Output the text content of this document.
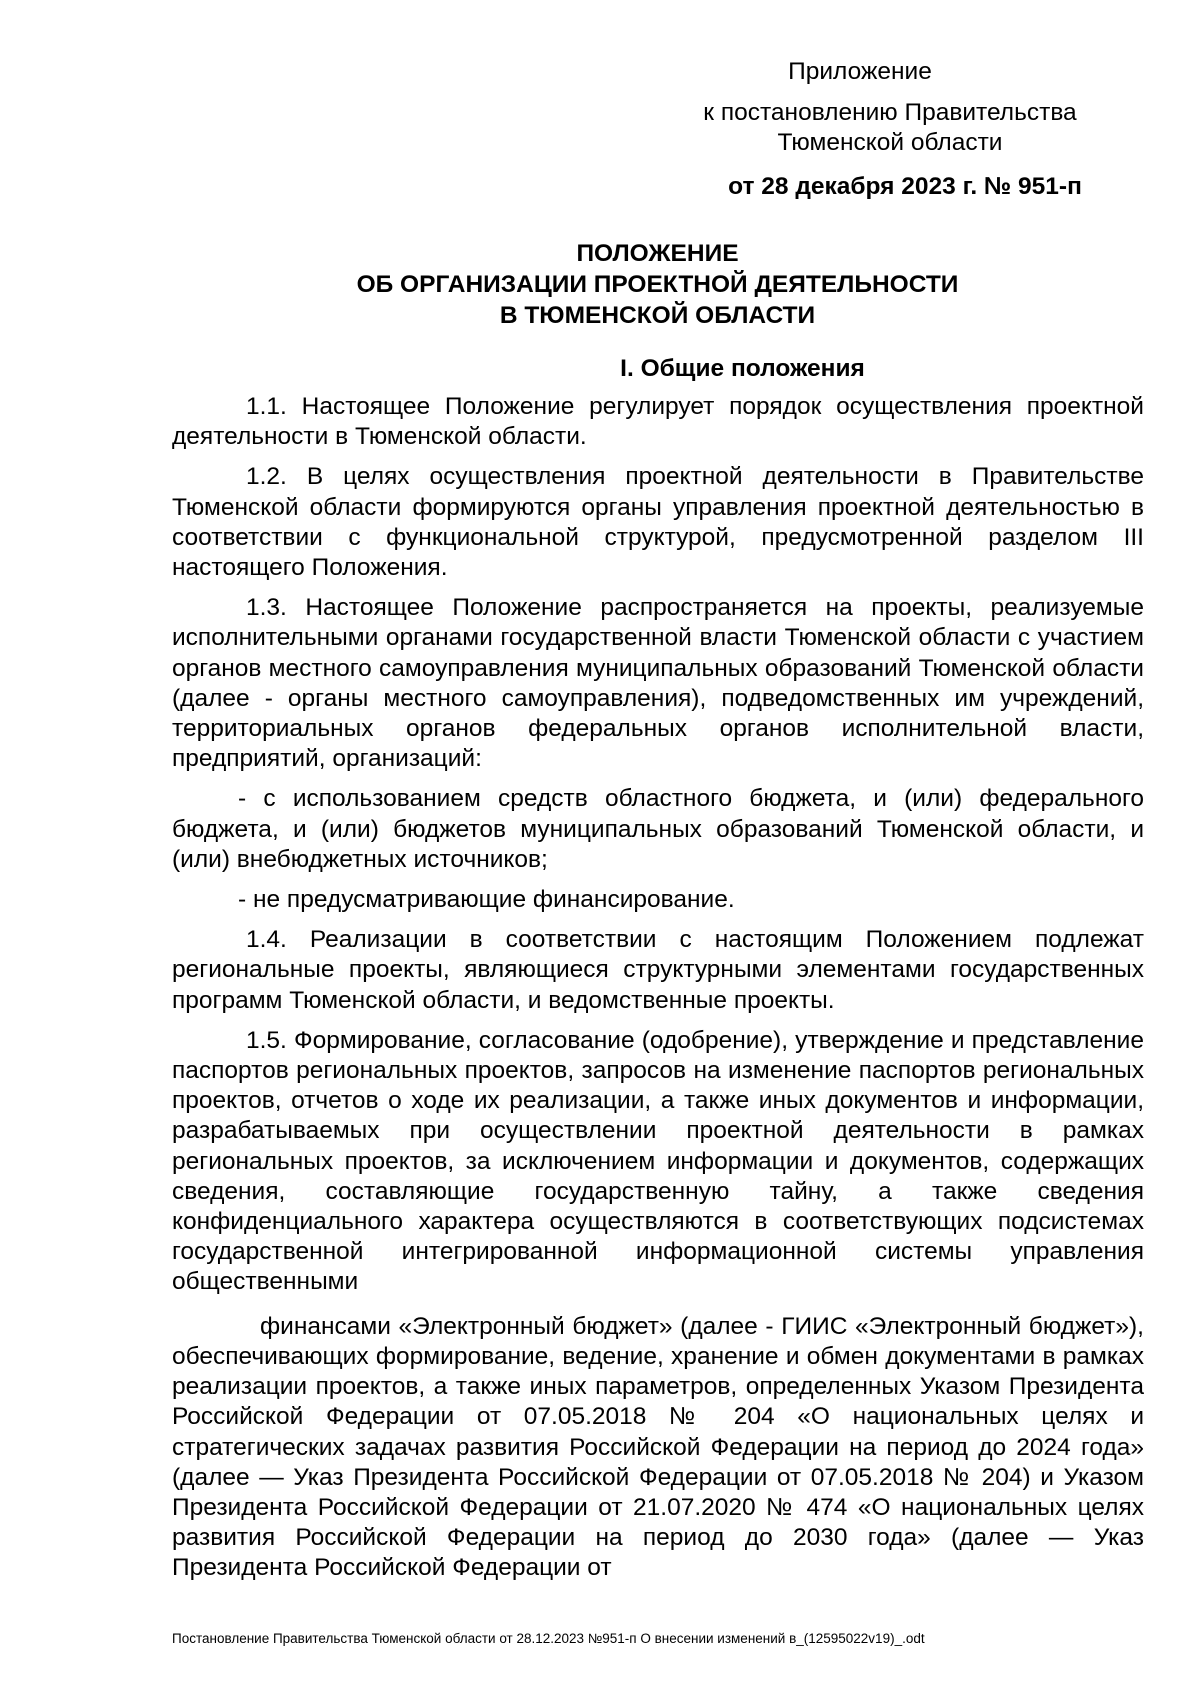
Приложение
к постановлению Правительства
Тюменской области
от 28 декабря 2023 г. № 951-п
ПОЛОЖЕНИЕ
ОБ ОРГАНИЗАЦИИ ПРОЕКТНОЙ ДЕЯТЕЛЬНОСТИ
В ТЮМЕНСКОЙ ОБЛАСТИ
I. Общие положения

1.1. Настоящее Положение регулирует порядок осуществления проектной деятельности в Тюменской области.

1.2. В целях осуществления проектной деятельности в Правительстве Тюменской области формируются органы управления проектной деятельностью в соответствии с функциональной структурой, предусмотренной разделом III настоящего Положения.

1.3. Настоящее Положение распространяется на проекты, реализуемые исполнительными органами государственной власти Тюменской области с участием органов местного самоуправления муниципальных образований Тюменской области (далее - органы местного самоуправления), подведомственных им учреждений, территориальных органов федеральных органов исполнительной власти, предприятий, организаций:

- с использованием средств областного бюджета, и (или) федерального бюджета, и (или) бюджетов муниципальных образований Тюменской области, и (или) внебюджетных источников;

- не предусматривающие финансирование.

1.4. Реализации в соответствии с настоящим Положением подлежат региональные проекты, являющиеся структурными элементами государственных программ Тюменской области, и ведомственные проекты.

1.5. Формирование, согласование (одобрение), утверждение и представление паспортов региональных проектов, запросов на изменение паспортов региональных проектов, отчетов о ходе их реализации, а также иных документов и информации, разрабатываемых при осуществлении проектной деятельности в рамках региональных проектов, за исключением информации и документов, содержащих сведения, составляющие государственную тайну, а также сведения конфиденциального характера осуществляются в соответствующих подсистемах государственной интегрированной информационной системы управления общественными

финансами «Электронный бюджет» (далее - ГИИС «Электронный бюджет»), обеспечивающих формирование, ведение, хранение и обмен документами в рамках реализации проектов, а также иных параметров, определенных Указом Президента Российской Федерации от 07.05.2018 № 204 «О национальных целях и стратегических задачах развития Российской Федерации на период до 2024 года» (далее — Указ Президента Российской Федерации от 07.05.2018 № 204) и Указом Президента Российской Федерации от 21.07.2020 № 474 «О национальных целях развития Российской Федерации на период до 2030 года» (далее — Указ Президента Российской Федерации от

Постановление Правительства Тюменской области от 28.12.2023 №951-п О внесении изменений в_(12595022v19)_.odt
